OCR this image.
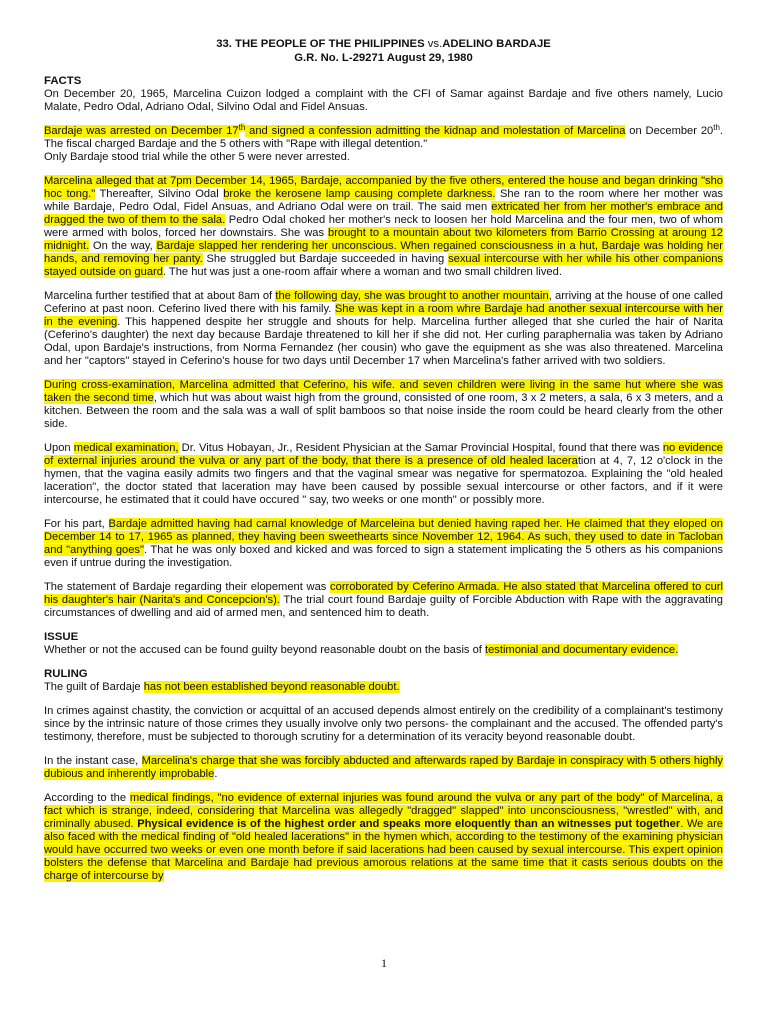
33. THE PEOPLE OF THE PHILIPPINES vs.ADELINO BARDAJE
G.R. No. L-29271 August 29, 1980
FACTS

On December 20, 1965, Marcelina Cuizon lodged a complaint with the CFI of Samar against Bardaje and five others namely, Lucio Malate, Pedro Odal, Adriano Odal, Silvino Odal and Fidel Ansuas.

Bardaje was arrested on December 17th and signed a confession admitting the kidnap and molestation of Marcelina on December 20th. The fiscal charged Bardaje and the 5 others with "Rape with illegal detention."

Only Bardaje stood trial while the other 5 were never arrested.

Marcelina alleged that at 7pm December 14, 1965, Bardaje, accompanied by the five others, entered the house and began drinking "sho hoc tong." Thereafter, Silvino Odal broke the kerosene lamp causing complete darkness. She ran to the room where her mother was while Bardaje, Pedro Odal, Fidel Ansuas, and Adriano Odal were on trail. The said men extricated her from her mother's embrace and dragged the two of them to the sala. Pedro Odal choked her mother's neck to loosen her hold Marcelina and the four men, two of whom were armed with bolos, forced her downstairs. She was brought to a mountain about two kilometers from Barrio Crossing at aroung 12 midnight. On the way, Bardaje slapped her rendering her unconscious. When regained consciousness in a hut, Bardaje was holding her hands, and removing her panty. She struggled but Bardaje succeeded in having sexual intercourse with her while his other companions stayed outside on guard. The hut was just a one-room affair where a woman and two small children lived.

Marcelina further testified that at about 8am of the following day, she was brought to another mountain, arriving at the house of one called Ceferino at past noon. Ceferino lived there with his family. She was kept in a room whre Bardaje had another sexual intercourse with her in the evening. This happened despite her struggle and shouts for help. Marcelina further alleged that she curled the hair of Narita (Ceferino's daughter) the next day because Bardaje threatened to kill her if she did not. Her curling paraphernalia was taken by Adriano Odal, upon Bardaje's instructions, from Norma Fernandez (her cousin) who gave the equipment as she was also threatened. Marcelina and her "captors" stayed in Ceferino's house for two days until December 17 when Marcelina's father arrived with two soldiers.

During cross-examination, Marcelina admitted that Ceferino, his wife. and seven children were living in the same hut where she was taken the second time, which hut was about waist high from the ground, consisted of one room, 3 x 2 meters, a sala, 6 x 3 meters, and a kitchen. Between the room and the sala was a wall of split bamboos so that noise inside the room could be heard clearly from the other side.

Upon medical examination, Dr. Vitus Hobayan, Jr., Resident Physician at the Samar Provincial Hospital, found that there was no evidence of external injuries around the vulva or any part of the body, that there is a presence of old healed laceration at 4, 7, 12 o'clock in the hymen, that the vagina easily admits two fingers and that the vaginal smear was negative for spermatozoa. Explaining the "old healed laceration", the doctor stated that laceration may have been caused by possible sexual intercourse or other factors, and if it were intercourse, he estimated that it could have occured " say, two weeks or one month" or possibly more.

For his part, Bardaje admitted having had carnal knowledge of Marceleina but denied having raped her. He claimed that they eloped on December 14 to 17, 1965 as planned, they having been sweethearts since November 12, 1964. As such, they used to date in Tacloban and "anything goes". That he was only boxed and kicked and was forced to sign a statement implicating the 5 others as his companions even if untrue during the investigation.

The statement of Bardaje regarding their elopement was corroborated by Ceferino Armada. He also stated that Marcelina offered to curl his daughter's hair (Narita's and Concepcion's). The trial court found Bardaje guilty of Forcible Abduction with Rape with the aggravating circumstances of dwelling and aid of armed men, and sentenced him to death.

ISSUE

Whether or not the accused can be found guilty beyond reasonable doubt on the basis of testimonial and documentary evidence.

RULING

The guilt of Bardaje has not been established beyond reasonable doubt.

In crimes against chastity, the conviction or acquittal of an accused depends almost entirely on the credibility of a complainant's testimony since by the intrinsic nature of those crimes they usually involve only two persons- the complainant and the accused. The offended party's testimony, therefore, must be subjected to thorough scrutiny for a determination of its veracity beyond reasonable doubt.

In the instant case, Marcelina's charge that she was forcibly abducted and afterwards raped by Bardaje in conspiracy with 5 others highly dubious and inherently improbable.

According to the medical findings, "no evidence of external injuries was found around the vulva or any part of the body" of Marcelina, a fact which is strange, indeed, considering that Marcelina was allegedly "dragged" slapped" into unconsciousness, "wrestled" with, and criminally abused. Physical evidence is of the highest order and speaks more eloquently than an witnesses put together. We are also faced with the medical finding of "old healed lacerations" in the hymen which, according to the testimony of the examining physician would have occurred two weeks or even one month before if said lacerations had been caused by sexual intercourse. This expert opinion bolsters the defense that Marcelina and Bardaje had previous amorous relations at the same time that it casts serious doubts on the charge of intercourse by

1
